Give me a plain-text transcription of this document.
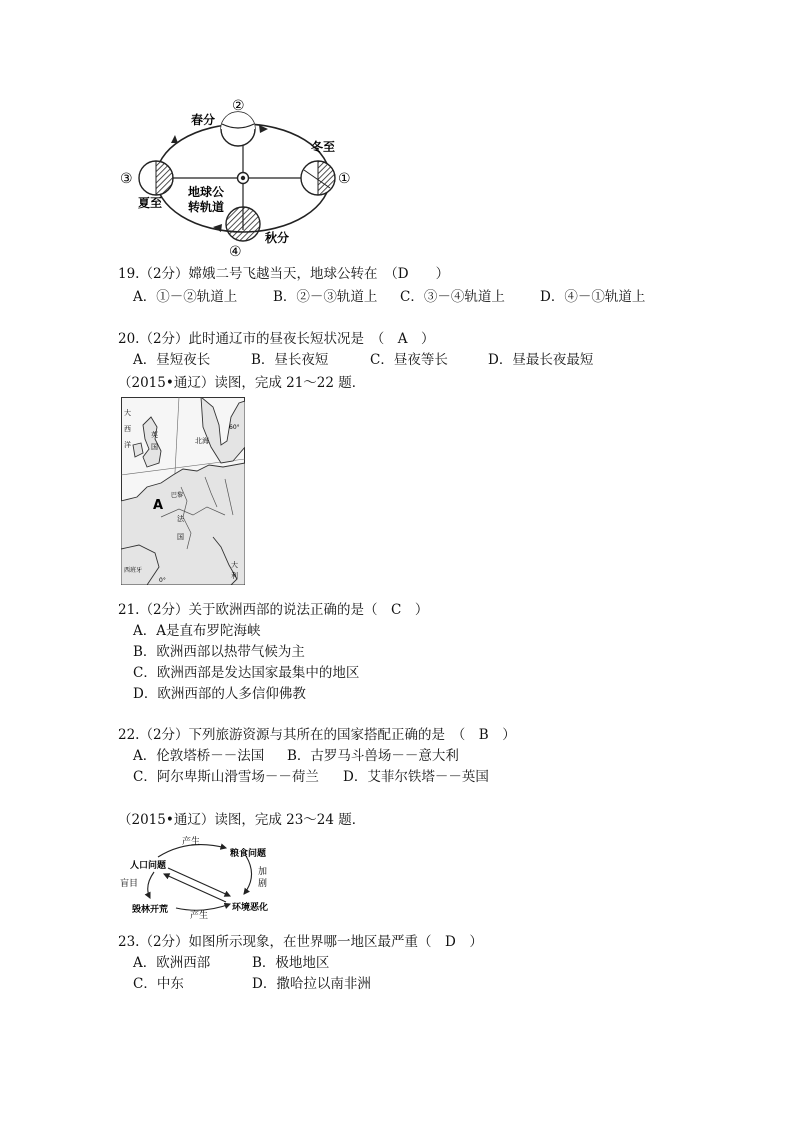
春分
冬至
夏至
秋分
地球公
转轨道
②
①
③
④
19.（2分）嫦娥二号飞越当天，地球公转在　（D　　）
A．①－②轨道上	B．②－③轨道上 C．③－④轨道上	D．④－①轨道上
20.（2分）此时通辽市的昼夜长短状况是　（　A　）
A．昼短夜长	B．昼长夜短	C．昼夜等长	D．昼最长夜最短
（2015•通辽）读图，完成 21～22 题．
大
西
洋
英
国
北海
巴黎
法
国
西班牙
大
利
60°
0°
A
21.（2分）关于欧洲西部的说法正确的是（　C　）
A．A是直布罗陀海峡
B．欧洲西部以热带气候为主
C．欧洲西部是发达国家最集中的地区
D．欧洲西部的人多信仰佛教
22.（2分）下列旅游资源与其所在的国家搭配正确的是　（　B　）
A．伦敦塔桥－－法国 B．古罗马斗兽场－－意大利
C．阿尔卑斯山滑雪场－－荷兰 D．艾菲尔铁塔－－英国
（2015•通辽）读图，完成 23～24 题．
产生
粮食问题
人口问题
盲目
毁林开荒
产生
环境恶化
加
剧
23.（2分）如图所示现象，在世界哪一地区最严重（　D　）
A．欧洲西部	B．极地地区
C．中东	D．撒哈拉以南非洲
